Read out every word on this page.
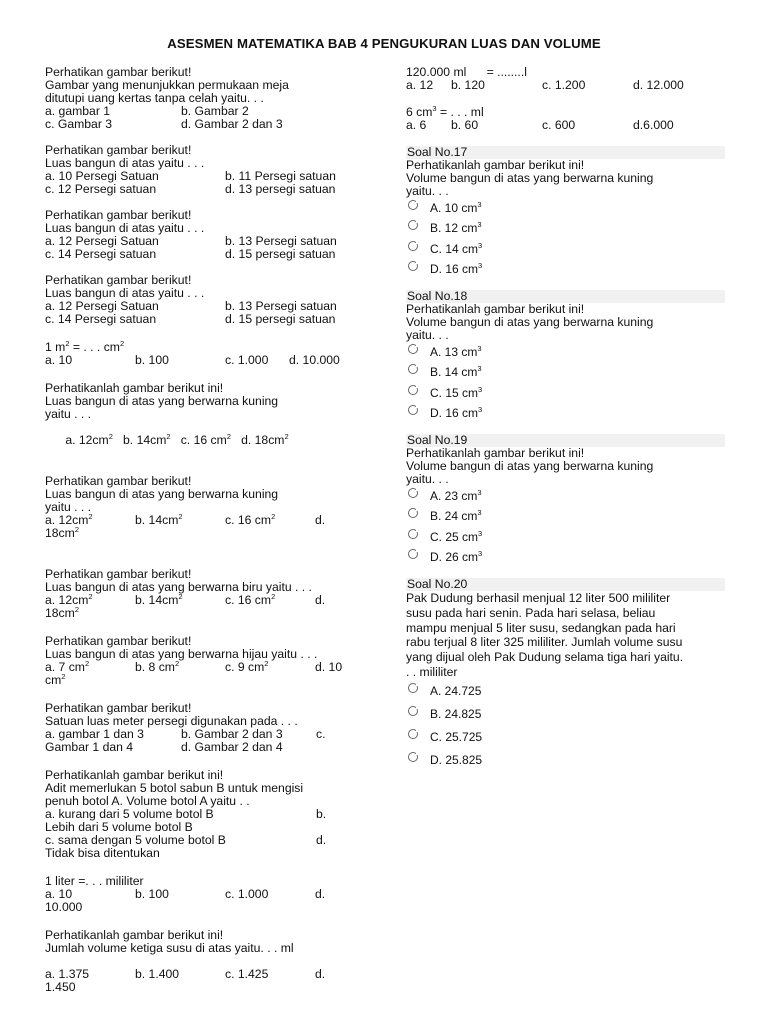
ASESMEN MATEMATIKA BAB 4 PENGUKURAN LUAS DAN VOLUME
Perhatikan gambar berikut!
Gambar yang menunjukkan permukaan meja
ditutupi uang kertas tanpa celah yaitu. . .
a. gambar 1	b. Gambar 2
c. Gambar 3	d. Gambar 2 dan 3
Perhatikan gambar berikut!
Luas bangun di atas yaitu . . .
a. 10 Persegi Satuan	b. 11 Persegi satuan
c. 12 Persegi satuan	d. 13 persegi satuan
Perhatikan gambar berikut!
Luas bangun di atas yaitu . . .
a. 12 Persegi Satuan	b. 13 Persegi satuan
c. 14 Persegi satuan	d. 15 persegi satuan
Perhatikan gambar berikut!
Luas bangun di atas yaitu . . .
a. 12 Persegi Satuan	b. 13 Persegi satuan
c. 14 Persegi satuan	d. 15 persegi satuan
1 $m^2$ = . . . $cm^2$
a. 10	b. 100	c. 1.000	d. 10.000
Perhatikanlah gambar berikut ini!
Luas bangun di atas yang berwarna kuning
yaitu . . .

a. $12cm^2$   b. $14cm^2$   c. 16 $cm^2$   d. $18cm^2$

Perhatikan gambar berikut!
Luas bangun di atas yang berwarna kuning
yaitu . . .
a. $12cm^2$	b. $14cm^2$	c. 16 $cm^2$	d.
$18cm^2$
Perhatikan gambar berikut!
Luas bangun di atas yang berwarna biru yaitu . . .
a. $12cm^2$	b. $14cm^2$	c. 16 $cm^2$	d.
$18cm^2$
Perhatikan gambar berikut!
Luas bangun di atas yang berwarna hijau yaitu . . .
a. 7 $cm^2$	b. 8 $cm^2$	c. 9 $cm^2$	d. 10
$cm^2$
Perhatikan gambar berikut!
Satuan luas meter persegi digunakan pada . . .
a. gambar 1 dan 3	b. Gambar 2 dan 3	c.
Gambar 1 dan 4	d. Gambar 2 dan 4
Perhatikanlah gambar berikut ini!
Adit memerlukan 5 botol sabun B untuk mengisi
penuh botol A. Volume botol A yaitu . .
a. kurang dari 5 volume botol B	b.
Lebih dari 5 volume botol B
c. sama dengan 5 volume botol B	d.
Tidak bisa ditentukan
1 liter =. . . mililiter
a. 10	b. 100	c. 1.000	d.
10.000
Perhatikanlah gambar berikut ini!
Jumlah volume ketiga susu di atas yaitu. . . ml
a. 1.375	b. 1.400	c. 1.425	d.
1.450
120.000 ml      = ........l
a. 12	b. 120	c. 1.200	d. 12.000
6 $cm^3$ = . . . ml
a. 6	b. 60	c. 600	d.6.000
Soal No.17
Perhatikanlah gambar berikut ini!
Volume bangun di atas yang berwarna kuning
yaitu. . .
A. 10 $cm^3$
B. 12 $cm^3$
C. 14 $cm^3$
D. 16 $cm^3$
Soal No.18
Perhatikanlah gambar berikut ini!
Volume bangun di atas yang berwarna kuning
yaitu. . .
A. 13 $cm^3$
B. 14 $cm^3$
C. 15 $cm^3$
D. 16 $cm^3$
Soal No.19
Perhatikanlah gambar berikut ini!
Volume bangun di atas yang berwarna kuning
yaitu. . .
A. 23 $cm^3$
B. 24 $cm^3$
C. 25 $cm^3$
D. 26 $cm^3$
Soal No.20
Pak Dudung berhasil menjual 12 liter 500 mililiter
susu pada hari senin. Pada hari selasa, beliau
mampu menjual 5 liter susu, sedangkan pada hari
rabu terjual 8 liter 325 mililiter. Jumlah volume susu
yang dijual oleh Pak Dudung selama tiga hari yaitu.
. . mililiter
A. 24.725
B. 24.825
C. 25.725
D. 25.825
